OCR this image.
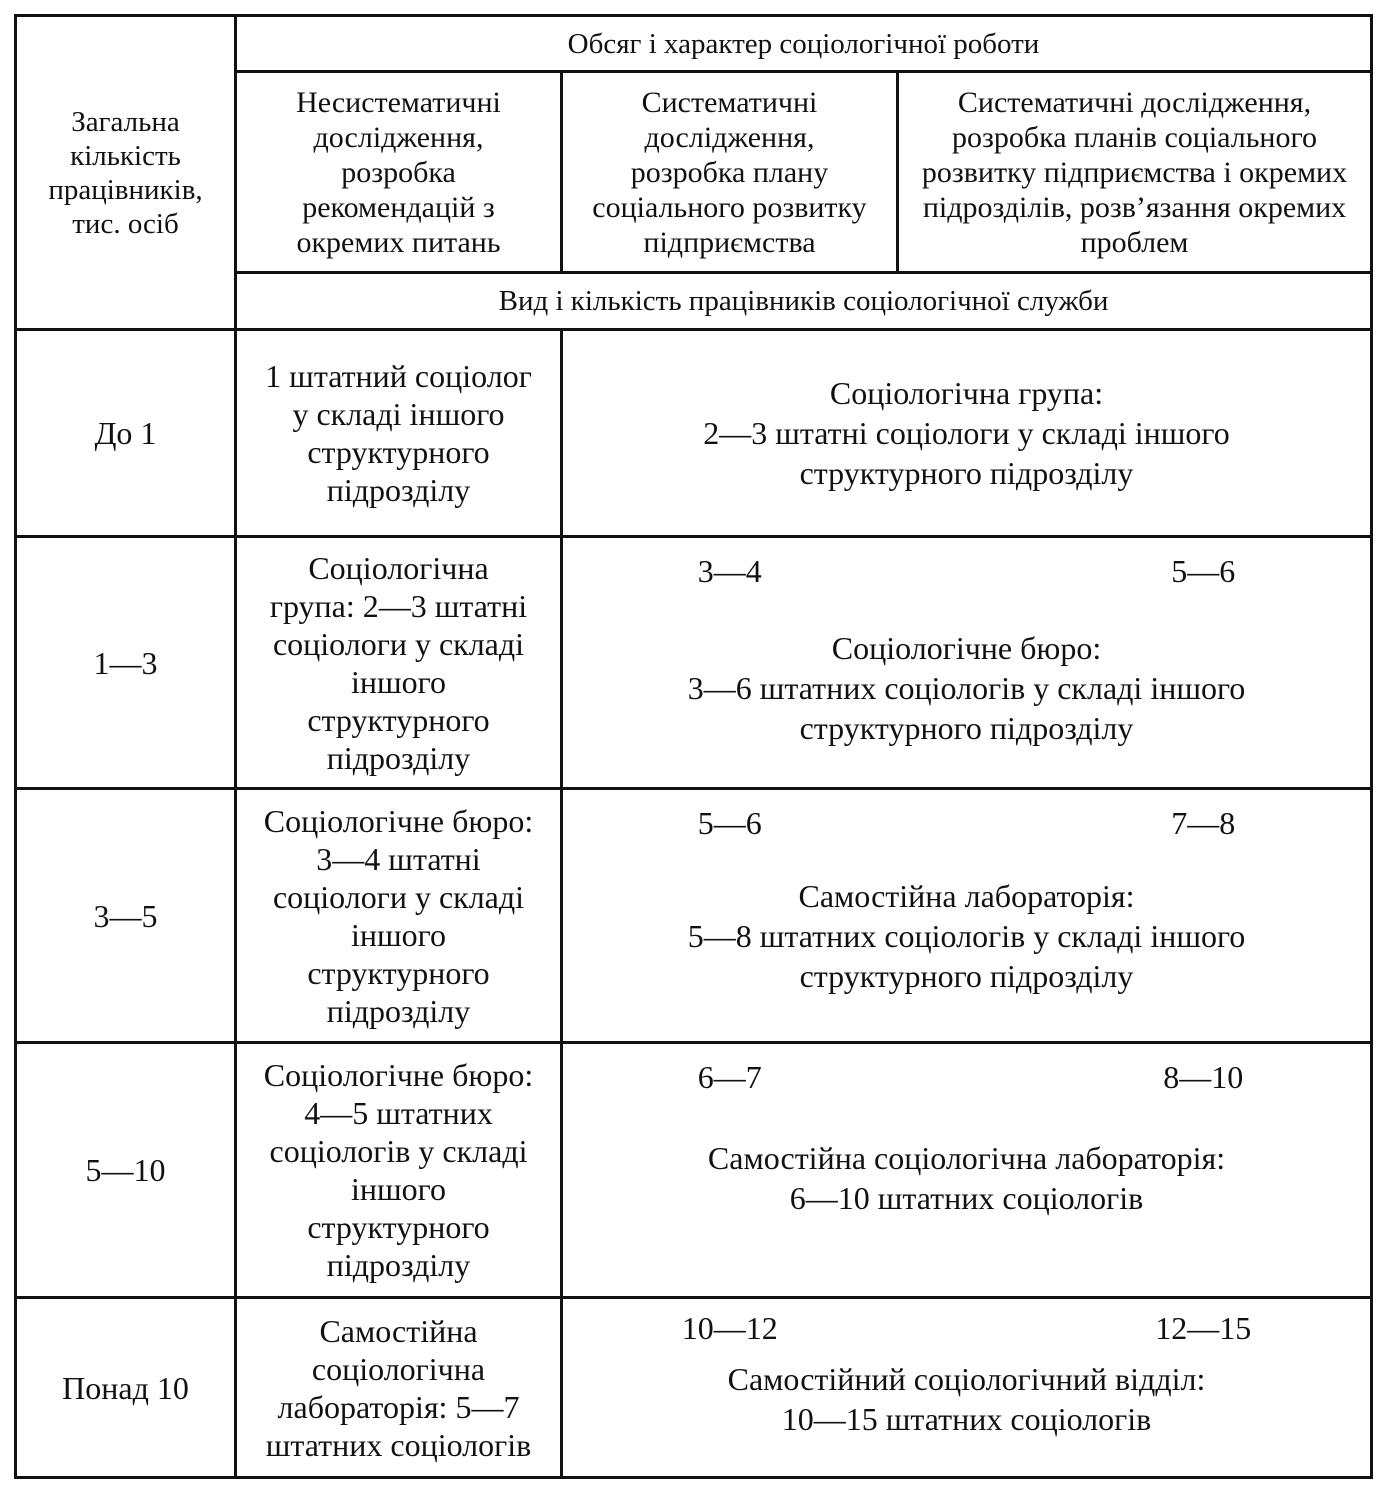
Загальна кількість працівників, тис. осіб	Обсяг і характер соціологічної роботи		
	Несистематичні дослідження, розробка рекомендацій з окремих питань	Систематичні дослідження, розробка плану соціального розвитку підприємства	Систематичні дослідження, розробка планів соціального розвитку підприємства і окремих підрозділів, розв’язання окремих проблем
	Вид і кількість працівників соціологічної служби		
До 1	1 штатний соціолог у складі іншого структурного підрозділу	Соціологічна група:
2—3 штатні соціологи у складі іншого структурного підрозділу	

1—3	Соціологічна група: 2—3 штатні соціологи у складі іншого структурного підрозділу	3—4 5—6
Соціологічне бюро:
3—6 штатних соціологів у складі іншого структурного підрозділу	

3—5	Соціологічне бюро: 3—4 штатні соціологи у складі іншого структурного підрозділу	5—6 7—8
Самостійна лабораторія:
5—8 штатних соціологів у складі іншого структурного підрозділу	

5—10	Соціологічне бюро: 4—5 штатних соціологів у складі іншого структурного підрозділу	6—7 8—10
Самостійна соціологічна лабораторія:
6—10 штатних соціологів	

Понад 10	Самостійна соціологічна лабораторія: 5—7 штатних соціологів	10—12 12—15
Самостійний соціологічний відділ:
10—15 штатних соціологів	
